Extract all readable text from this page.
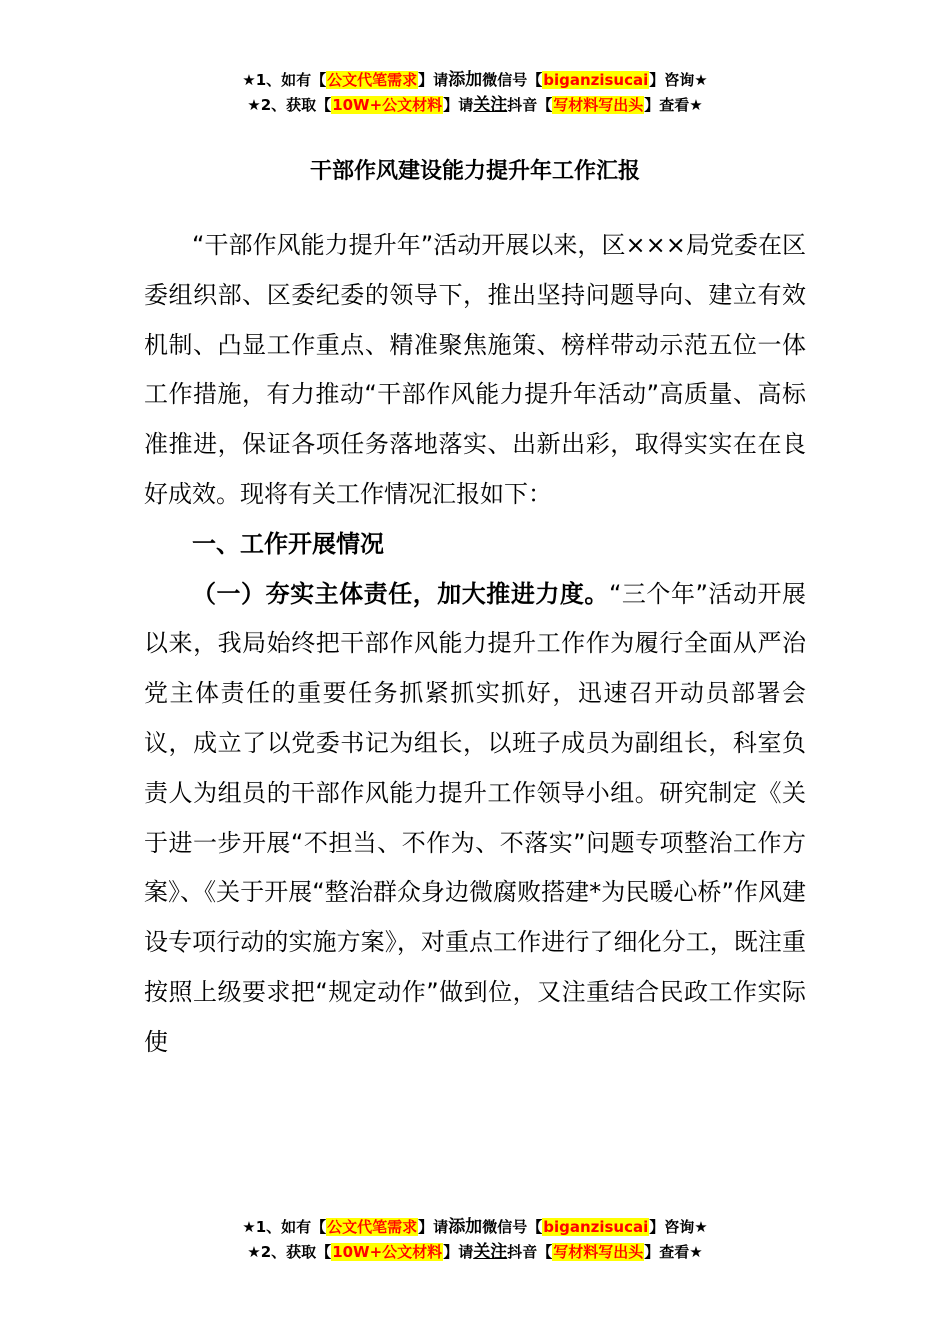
★1、如有【公文代笔需求】请添加微信号【biganzisucai】咨询★
★2、获取【10W+公文材料】请关注抖音【写材料写出头】查看★
干部作风建设能力提升年工作汇报

“干部作风能力提升年”活动开展以来，区×××局党委在区委组织部、区委纪委的领导下，推出坚持问题导向、建立有效机制、凸显工作重点、精准聚焦施策、榜样带动示范五位一体工作措施，有力推动“干部作风能力提升年活动”高质量、高标准推进，保证各项任务落地落实、出新出彩，取得实实在在良好成效。现将有关工作情况汇报如下：

一、工作开展情况

（一）夯实主体责任，加大推进力度。“三个年”活动开展以来，我局始终把干部作风能力提升工作作为履行全面从严治党主体责任的重要任务抓紧抓实抓好，迅速召开动员部署会议，成立了以党委书记为组长，以班子成员为副组长，科室负责人为组员的干部作风能力提升工作领导小组。研究制定《关于进一步开展“不担当、不作为、不落实”问题专项整治工作方案》、《关于开展“整治群众身边微腐败搭建*为民暖心桥”作风建设专项行动的实施方案》，对重点工作进行了细化分工，既注重按照上级要求把“规定动作”做到位，又注重结合民政工作实际使

★1、如有【公文代笔需求】请添加微信号【biganzisucai】咨询★
★2、获取【10W+公文材料】请关注抖音【写材料写出头】查看★
